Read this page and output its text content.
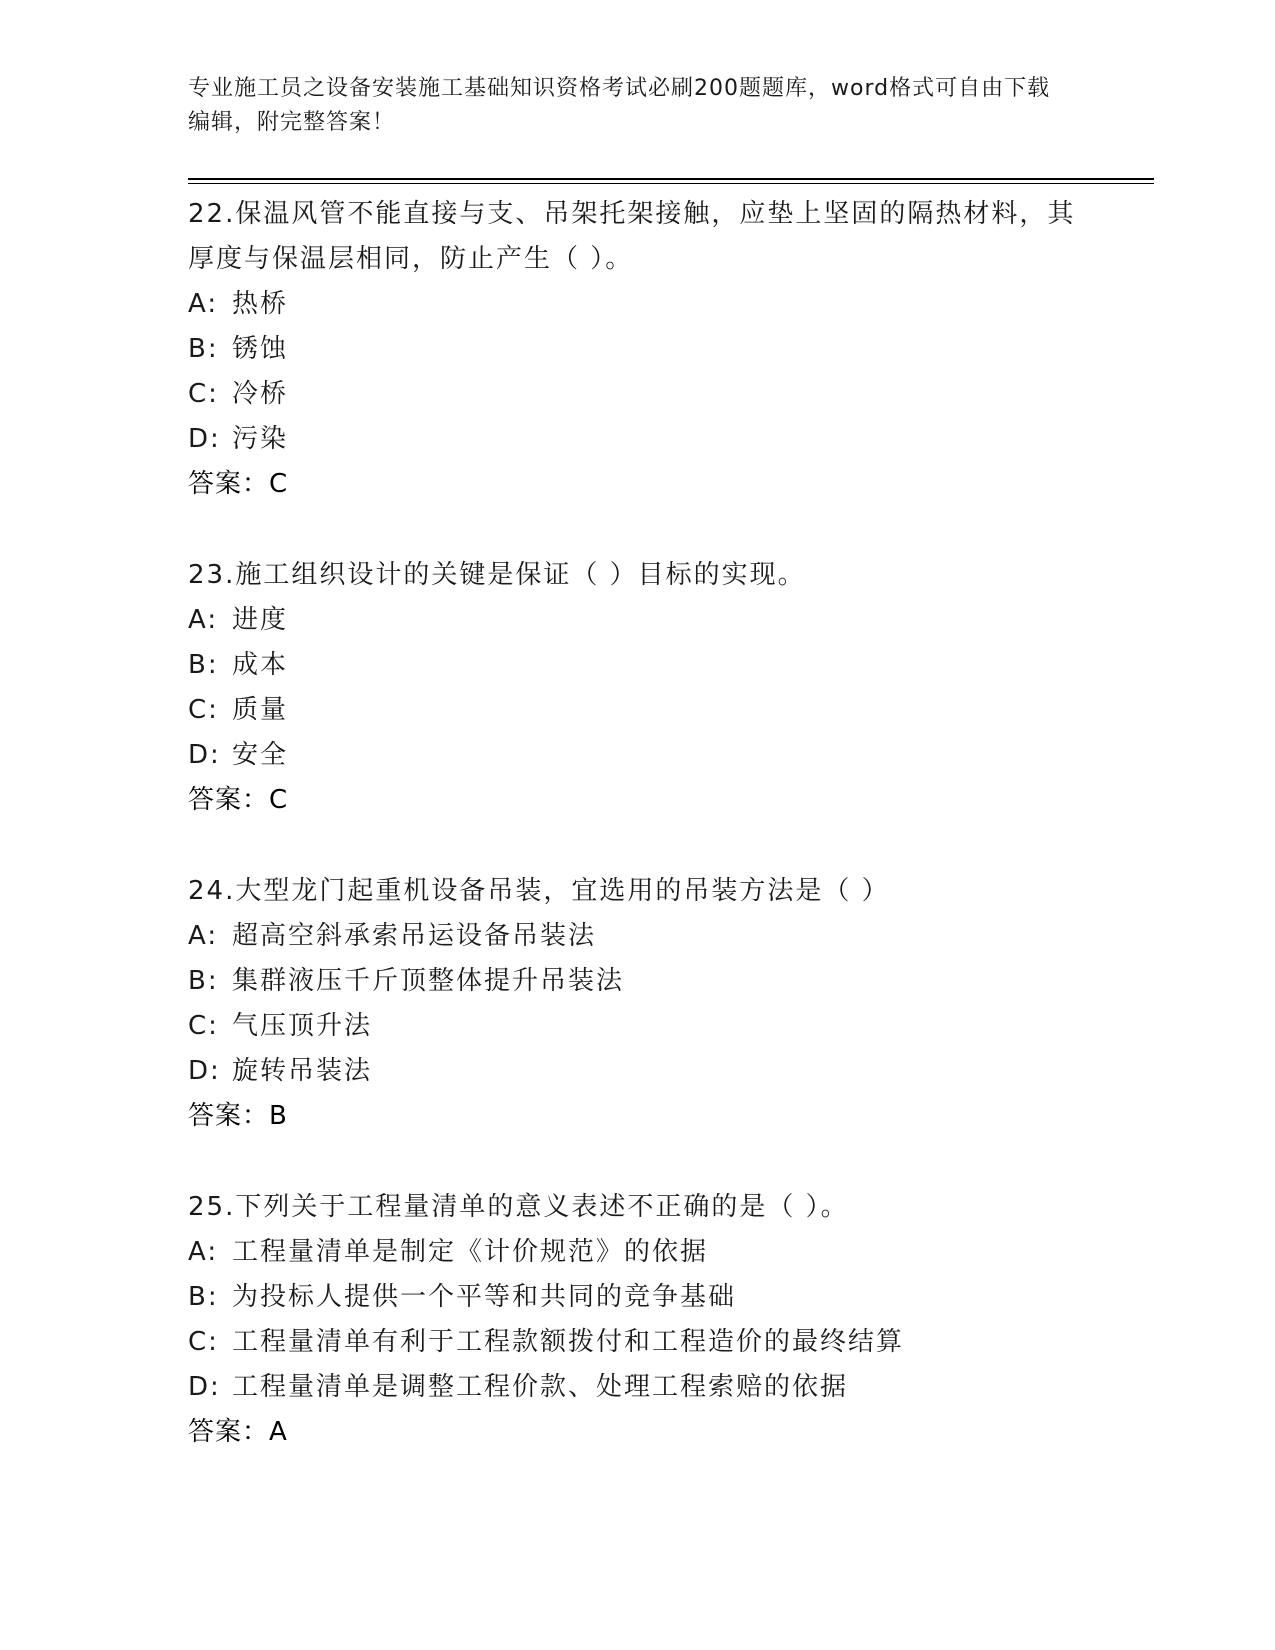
专业施工员之设备安装施工基础知识资格考试必刷200题题库，word格式可自由下载编辑，附完整答案！
22.保温风管不能直接与支、吊架托架接触，应垫上坚固的隔热材料，其厚度与保温层相同，防止产生（ ）。
A: 热桥
B: 锈蚀
C: 冷桥
D: 污染
答案：C
23.施工组织设计的关键是保证（ ）目标的实现。
A: 进度
B: 成本
C: 质量
D: 安全
答案：C
24.大型龙门起重机设备吊装，宜选用的吊装方法是（ ）
A: 超高空斜承索吊运设备吊装法
B: 集群液压千斤顶整体提升吊装法
C: 气压顶升法
D: 旋转吊装法
答案：B
25.下列关于工程量清单的意义表述不正确的是（ ）。
A: 工程量清单是制定《计价规范》的依据
B: 为投标人提供一个平等和共同的竞争基础
C: 工程量清单有利于工程款额拨付和工程造价的最终结算
D: 工程量清单是调整工程价款、处理工程索赔的依据
答案：A
